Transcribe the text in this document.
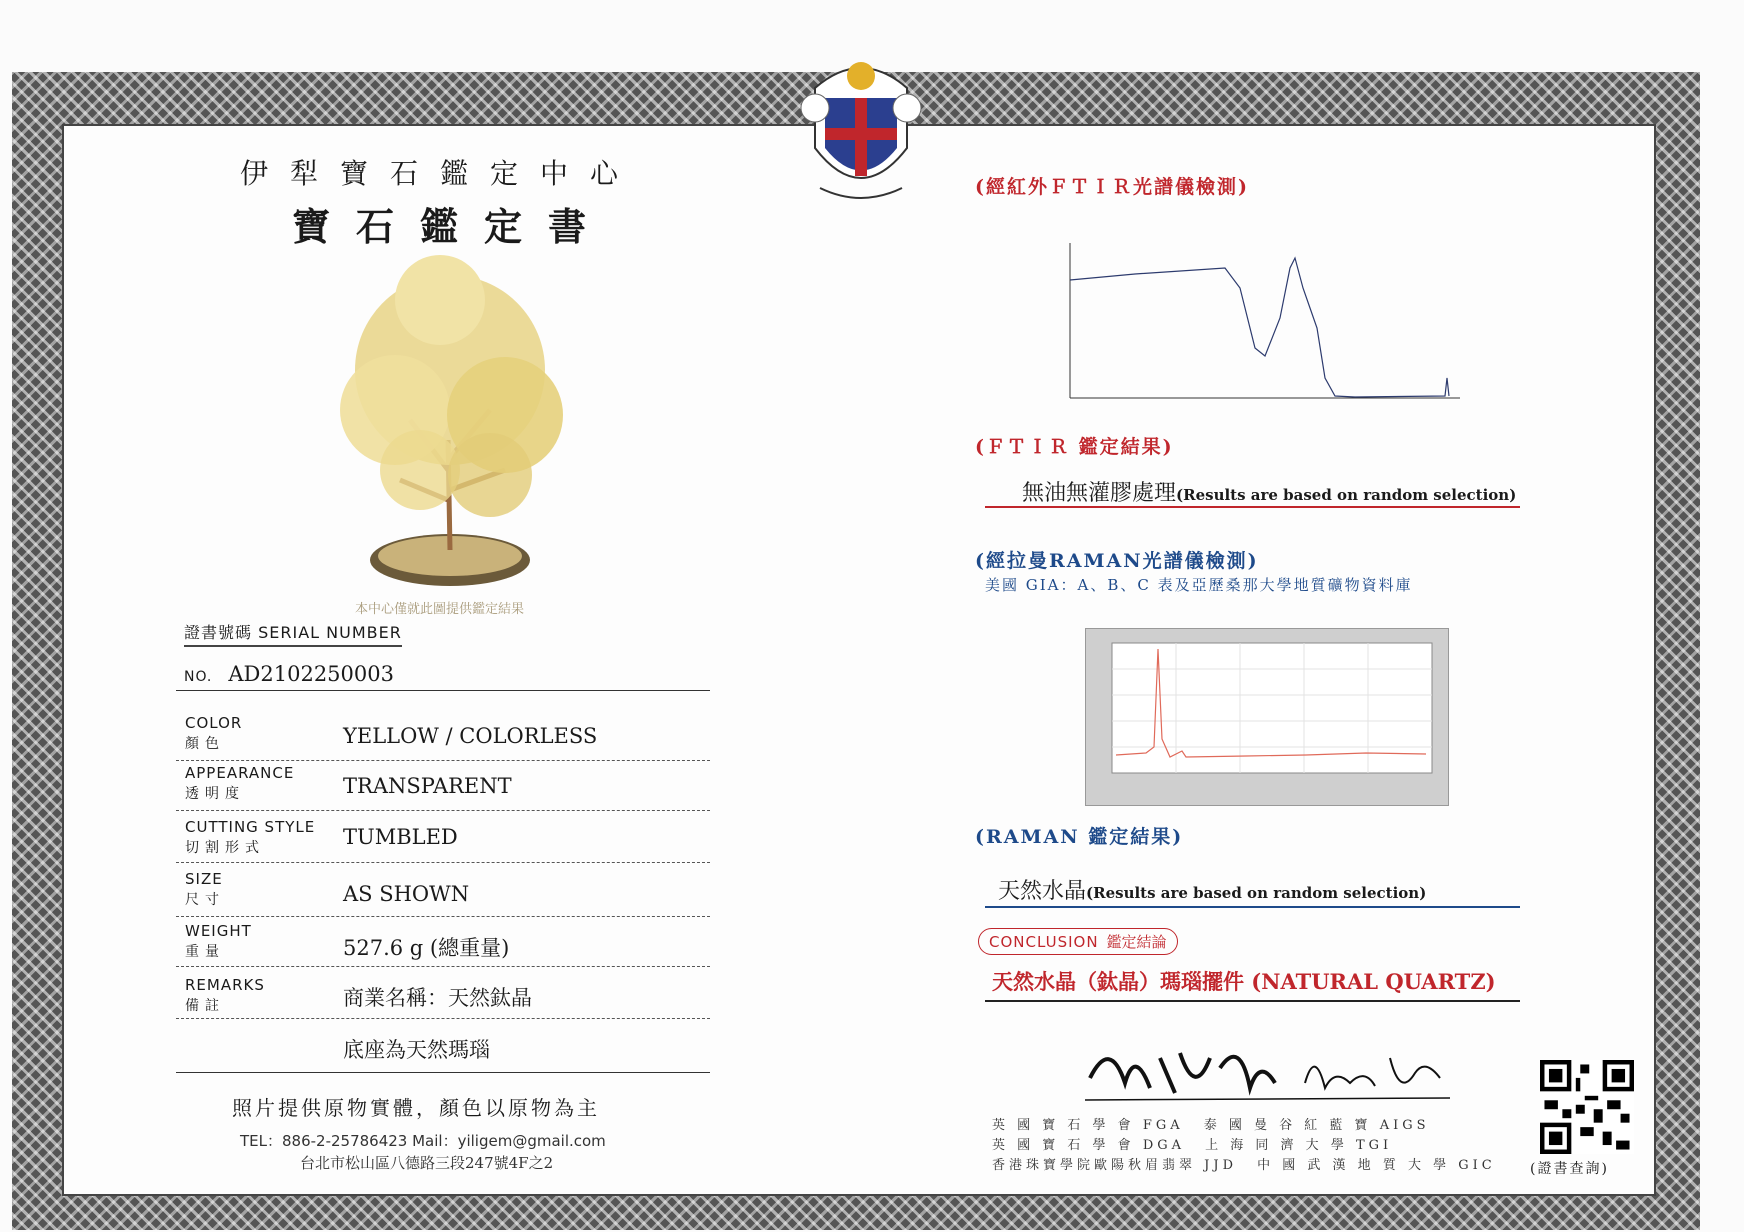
伊犁寶石鑑定中心
寶石鑑定書
本中心僅就此圖提供鑑定結果
證書號碼 SERIAL NUMBER
NO. AD2102250003
COLOR
顏色	YELLOW / COLORLESS
APPEARANCE
透明度	TRANSPARENT
CUTTING STYLE
切割形式	TUMBLED
SIZE
尺寸	AS SHOWN
WEIGHT
重量	527.6 g (總重量)
REMARKS
備註	商業名稱：天然鈦晶
底座為天然瑪瑙
照片提供原物實體，顏色以原物為主
TEL：886-2-25786423 Mail：yiligem@gmail.com
台北市松山區八德路三段247號4F之2
(經紅外ＦＴＩＲ光譜儀檢測)
(ＦＴＩＲ 鑑定結果)
無油無灌膠處理(Results are based on random selection)
(經拉曼RAMAN光譜儀檢測)
美國 GIA：A、B、C 表及亞歷桑那大學地質礦物資料庫
(RAMAN 鑑定結果)
天然水晶(Results are based on random selection)
CONCLUSION 鑑定結論
天然水晶（鈦晶）瑪瑙擺件 (NATURAL QUARTZ)
英 國 寶 石 學 會 FGA 泰 國 曼 谷 紅 藍 寶 AIGS
英 國 寶 石 學 會 DGA 上 海 同 濟 大 學 TGI
香港珠寶學院歐陽秋眉翡翠 JJD 中 國 武 漢 地 質 大 學 GIC (證書查詢)
